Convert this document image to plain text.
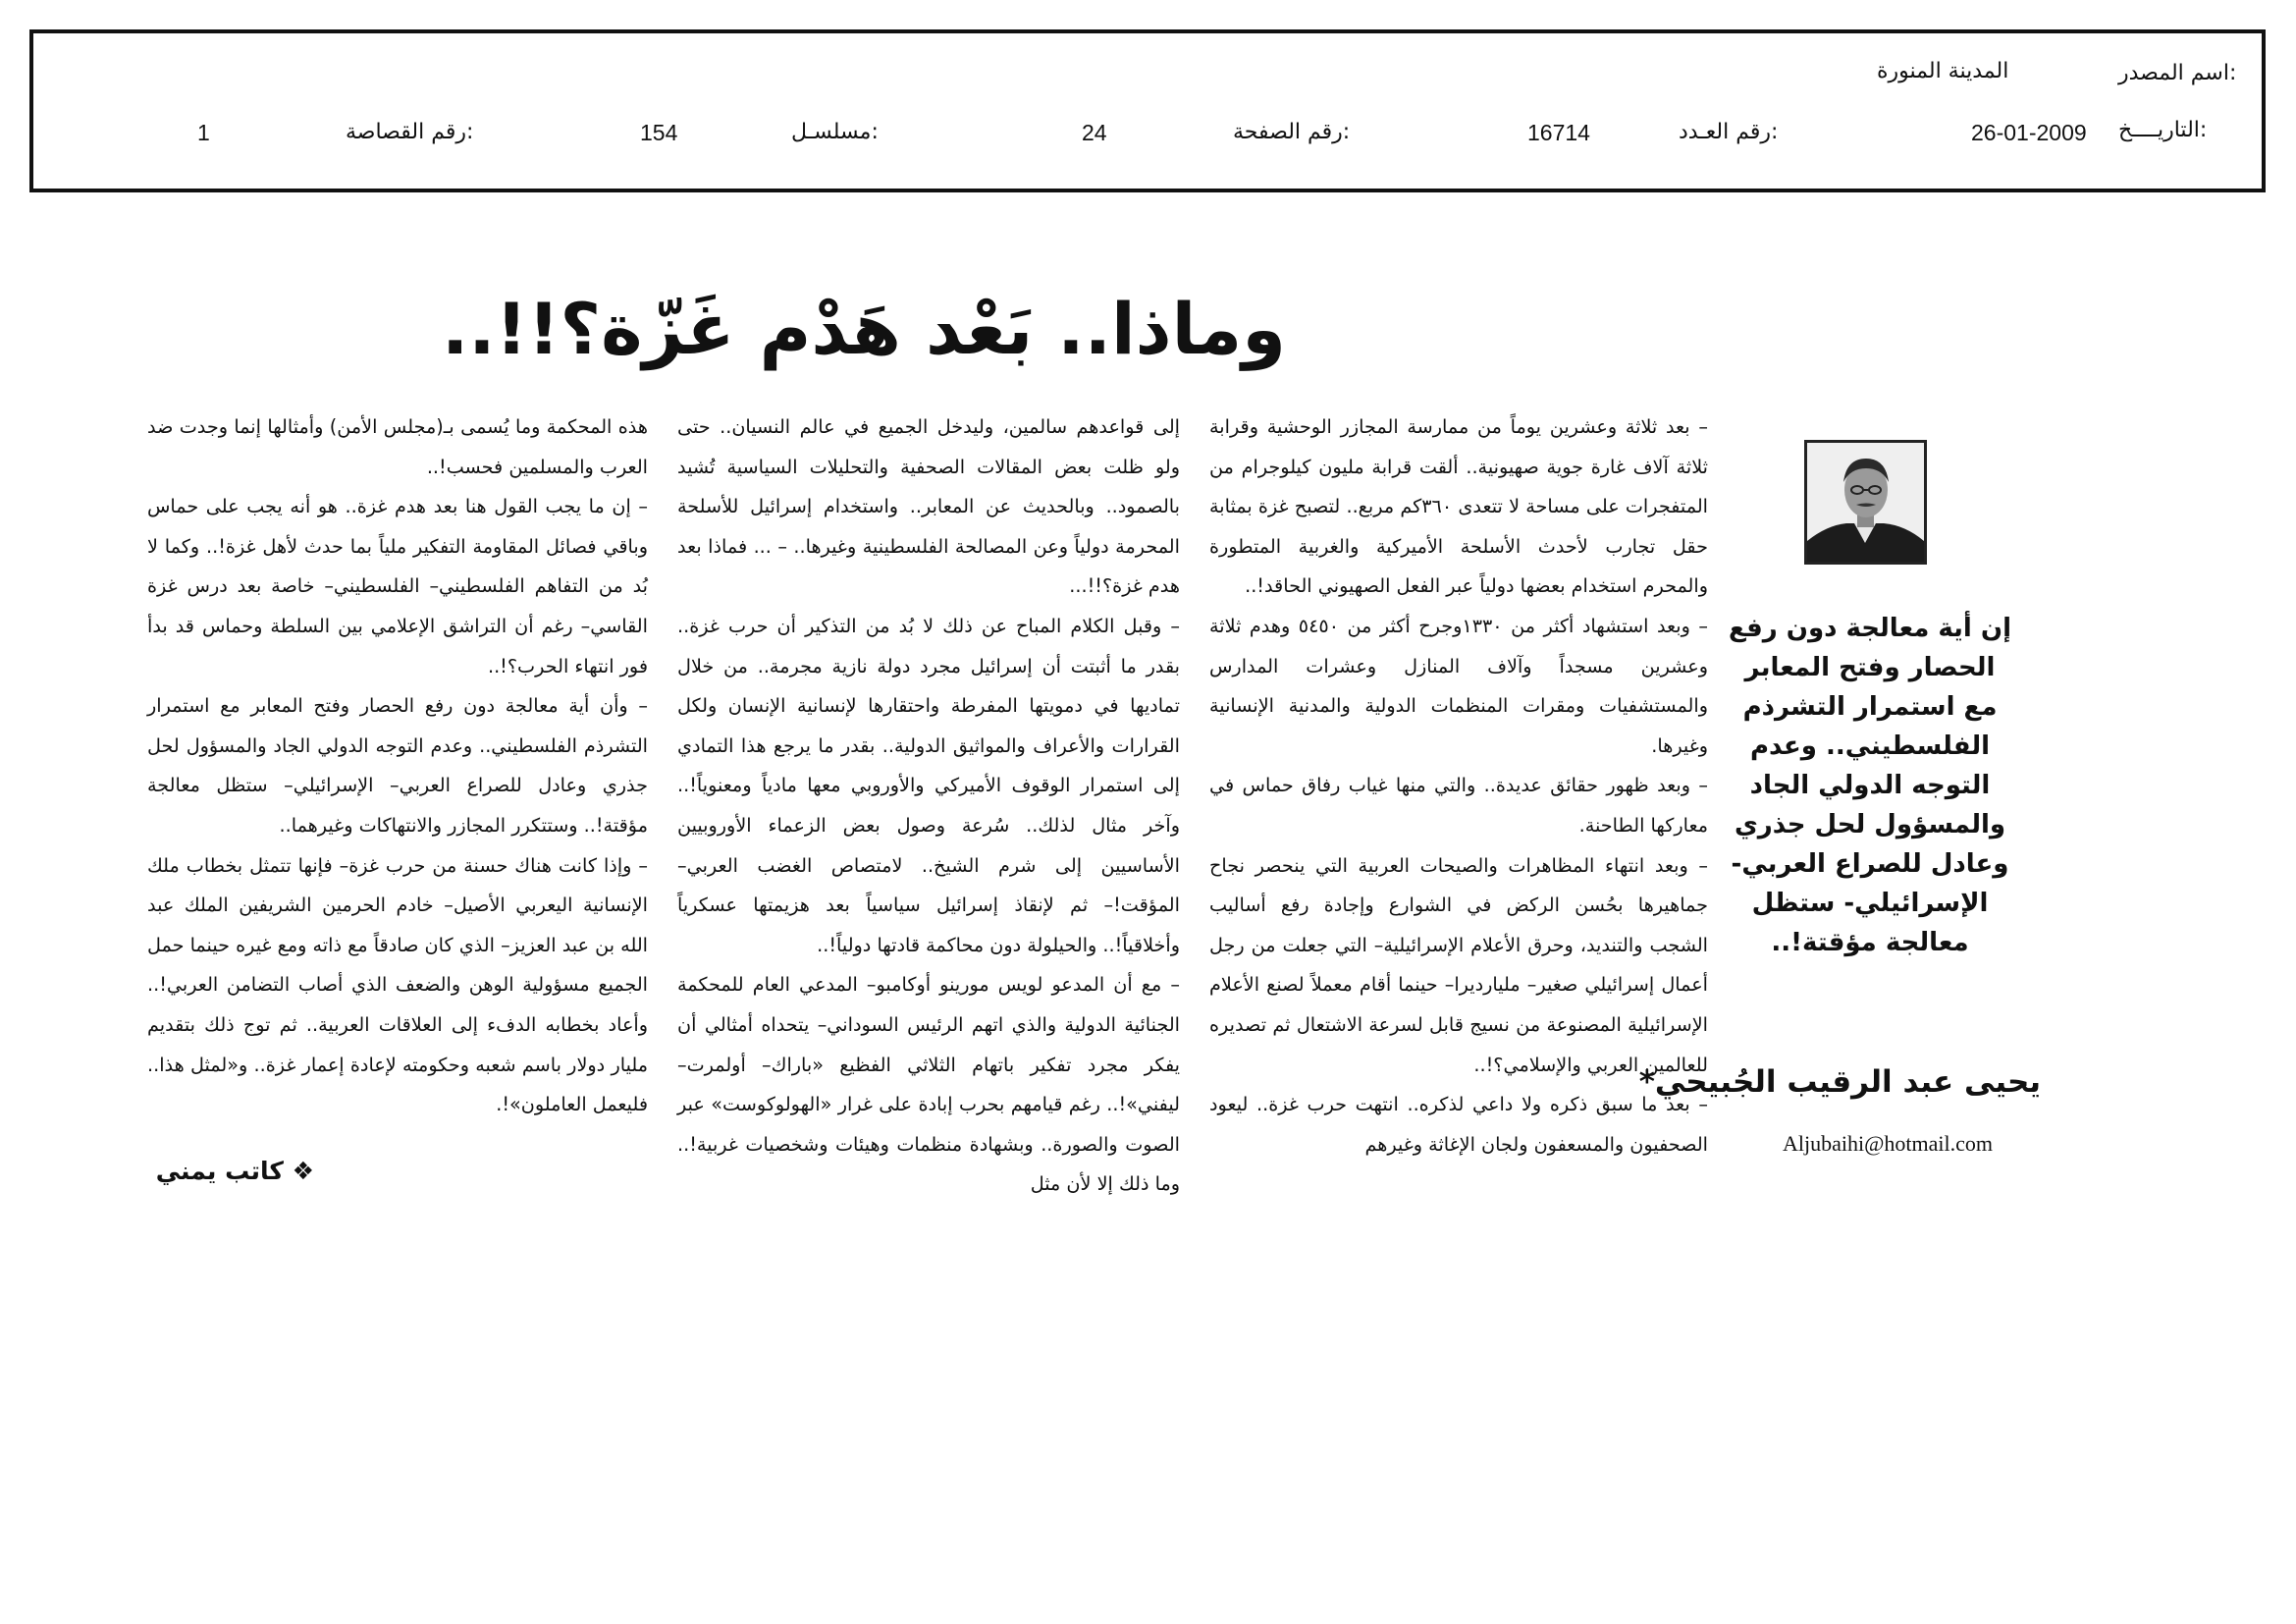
اسم المصدر:
المدينة المنورة
التاريــــخ:
26-01-2009
رقم العـدد:
16714
رقم الصفحة:
24
مسلسـل:
154
رقم القصاصة:
1
وماذا.. بَعْد هَدْم غَزّة؟!!..

– بعد ثلاثة وعشرين يوماً من ممارسة المجازر الوحشية وقرابة ثلاثة آلاف غارة جوية صهيونية.. ألقت قرابة مليون كيلوجرام من المتفجرات على مساحة لا تتعدى ٣٦٠كم مربع.. لتصبح غزة بمثابة حقل تجارب لأحدث الأسلحة الأميركية والغربية المتطورة والمحرم استخدام بعضها دولياً عبر الفعل الصهيوني الحاقد!..

– وبعد استشهاد أكثر من ١٣٣٠وجرح أكثر من ٥٤٥٠ وهدم ثلاثة وعشرين مسجداً وآلاف المنازل وعشرات المدارس والمستشفيات ومقرات المنظمات الدولية والمدنية الإنسانية وغيرها.

– وبعد ظهور حقائق عديدة.. والتي منها غياب رفاق حماس في معاركها الطاحنة.

– وبعد انتهاء المظاهرات والصيحات العربية التي ينحصر نجاح جماهيرها بحُسن الركض في الشوارع وإجادة رفع أساليب الشجب والتنديد، وحرق الأعلام الإسرائيلية– التي جعلت من رجل أعمال إسرائيلي صغير– مليارديرا– حينما أقام معملاً لصنع الأعلام الإسرائيلية المصنوعة من نسيج قابل لسرعة الاشتعال ثم تصديره للعالمين العربي والإسلامي؟!..

– بعد ما سبق ذكره ولا داعي لذكره.. انتهت حرب غزة.. ليعود الصحفيون والمسعفون ولجان الإغاثة وغيرهم

إلى قواعدهم سالمين، وليدخل الجميع في عالم النسيان.. حتى ولو ظلت بعض المقالات الصحفية والتحليلات السياسية تُشيد بالصمود.. وبالحديث عن المعابر.. واستخدام إسرائيل للأسلحة المحرمة دولياً وعن المصالحة الفلسطينية وغيرها.. – ... فماذا بعد هدم غزة؟!!...

– وقبل الكلام المباح عن ذلك لا بُد من التذكير أن حرب غزة.. بقدر ما أثبتت أن إسرائيل مجرد دولة نازية مجرمة.. من خلال تماديها في دمويتها المفرطة واحتقارها لإنسانية الإنسان ولكل القرارات والأعراف والمواثيق الدولية.. بقدر ما يرجع هذا التمادي إلى استمرار الوقوف الأميركي والأوروبي معها مادياً ومعنوياً!.. وآخر مثال لذلك.. سُرعة وصول بعض الزعماء الأوروبيين الأساسيين إلى شرم الشيخ.. لامتصاص الغضب العربي– المؤقت!– ثم لإنقاذ إسرائيل سياسياً بعد هزيمتها عسكرياً وأخلاقياً!.. والحيلولة دون محاكمة قادتها دولياً!..

– مع أن المدعو لويس مورينو أوكامبو– المدعي العام للمحكمة الجنائية الدولية والذي اتهم الرئيس السوداني– يتحداه أمثالي أن يفكر مجرد تفكير باتهام الثلاثي الفظيع «باراك– أولمرت– ليفني»!.. رغم قيامهم بحرب إبادة على غرار «الهولوكوست» عبر الصوت والصورة.. وبشهادة منظمات وهيئات وشخصيات غربية!.. وما ذلك إلا لأن مثل

هذه المحكمة وما يُسمى بـ(مجلس الأمن) وأمثالها إنما وجدت ضد العرب والمسلمين فحسب!..

– إن ما يجب القول هنا بعد هدم غزة.. هو أنه يجب على حماس وباقي فصائل المقاومة التفكير ملياً بما حدث لأهل غزة!.. وكما لا بُد من التفاهم الفلسطيني– الفلسطيني– خاصة بعد درس غزة القاسي– رغم أن التراشق الإعلامي بين السلطة وحماس قد بدأ فور انتهاء الحرب؟!..

– وأن أية معالجة دون رفع الحصار وفتح المعابر مع استمرار التشرذم الفلسطيني.. وعدم التوجه الدولي الجاد والمسؤول لحل جذري وعادل للصراع العربي– الإسرائيلي– ستظل معالجة مؤقتة!.. وستتكرر المجازر والانتهاكات وغيرهما..

– وإذا كانت هناك حسنة من حرب غزة– فإنها تتمثل بخطاب ملك الإنسانية اليعربي الأصيل– خادم الحرمين الشريفين الملك عبد الله بن عبد العزيز– الذي كان صادقاً مع ذاته ومع غيره حينما حمل الجميع مسؤولية الوهن والضعف الذي أصاب التضامن العربي!.. وأعاد بخطابه الدفء إلى العلاقات العربية.. ثم توج ذلك بتقديم مليار دولار باسم شعبه وحكومته لإعادة إعمار غزة.. و«لمثل هذا.. فليعمل العاملون»!.

❖ كاتب يمني
إن أية معالجة دون رفع الحصار وفتح المعابر مع استمرار التشرذم الفلسطيني.. وعدم التوجه الدولي الجاد والمسؤول لحل جذري وعادل للصراع العربي- الإسرائيلي- ستظل معالجة مؤقتة!..
يحيى عبد الرقيب الجُبيحي*
Aljubaihi@hotmail.com
